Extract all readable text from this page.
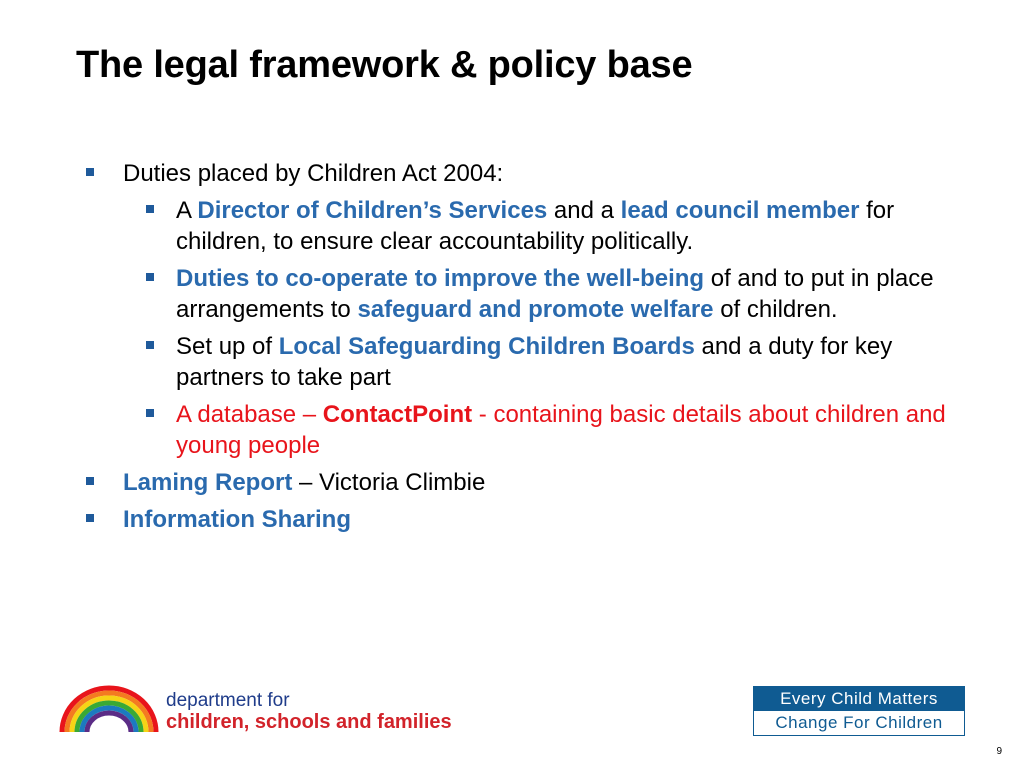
The legal framework & policy base
Duties placed by Children Act 2004:
A Director of Children’s Services and a lead council member for children, to ensure clear accountability politically.
Duties to co-operate to improve the well-being of and to put in place arrangements to safeguard and promote welfare of children.
Set up of Local Safeguarding Children Boards and a duty for key partners to take part
A database – ContactPoint - containing basic details about children and young people
Laming Report – Victoria Climbie
Information Sharing
department for
children, schools and families
Every Child Matters
Change For Children
9
